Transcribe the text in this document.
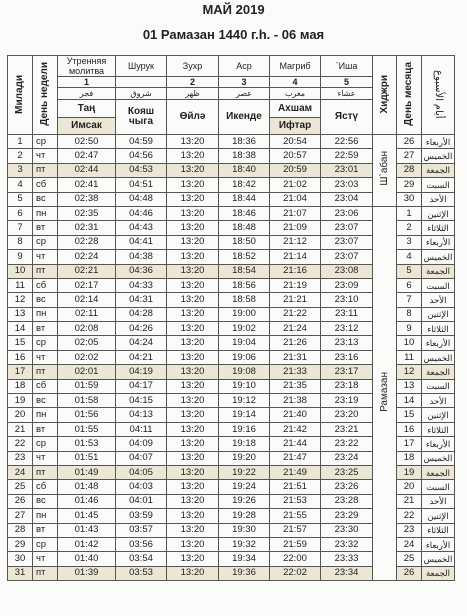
МАЙ 2019
01 Рамазан 1440 г.h. - 06 мая
Милади	День недели	Утренняя молитва	Шурук	Зухр	Аср	Магриб	`Иша	Хиджри	День месяца	أيام الأسبوع
		1		2	3	4	5			
		فجر	شروق	ظهر	عصر	مغرب	عشاء			
		Таң	Кояш чыга	Өйлә	Икенде	Ахшам	Ястү			
		Имсак				Ифтар				
1	ср	02:50	04:59	13:20	18:36	20:54	22:56	Ш`абан	26	الأربعاء
2	чт	02:47	04:56	13:20	18:38	20:57	22:59		27	الخميس
3	пт	02:44	04:53	13:20	18:40	20:59	23:01		28	الجمعة
4	сб	02:41	04:51	13:20	18:42	21:02	23:03		29	السبت
5	вс	02:38	04:48	13:20	18:44	21:04	23:04		30	الأحد
6	пн	02:35	04:46	13:20	18:46	21:07	23:06	Рамазан	1	الإثنين
7	вт	02:31	04:43	13:20	18:48	21:09	23:07		2	الثلاثاء
8	ср	02:28	04:41	13:20	18:50	21:12	23:07		3	الأربعاء
9	чт	02:24	04:38	13:20	18:52	21:14	23:07		4	الخميس
10	пт	02:21	04:36	13:20	18:54	21:16	23:08		5	الجمعة
11	сб	02:17	04:33	13:20	18:56	21:19	23:09		6	السبت
12	вс	02:14	04:31	13:20	18:58	21:21	23:10		7	الأحد
13	пн	02:11	04:28	13:20	19:00	21:22	23:11		8	الإثنين
14	вт	02:08	04:26	13:20	19:02	21:24	23:12		9	الثلاثاء
15	ср	02:05	04:24	13:20	19:04	21:26	23:13		10	الأربعاء
16	чт	02:02	04:21	13:20	19:06	21:31	23:16		11	الخميس
17	пт	02:01	04:19	13:20	19:08	21:33	23:17		12	الجمعة
18	сб	01:59	04:17	13:20	19:10	21:35	23:18		13	السبت
19	вс	01:58	04:15	13:20	19:12	21:38	23:19		14	الأحد
20	пн	01:56	04:13	13:20	19:14	21:40	23:20		15	الإثنين
21	вт	01:55	04:11	13:20	19:16	21:42	23:21		16	الثلاثاء
22	ср	01:53	04:09	13:20	19:18	21:44	23:22		17	الأربعاء
23	чт	01:51	04:07	13:20	19:20	21:47	23:24		18	الخميس
24	пт	01:49	04:05	13:20	19:22	21:49	23:25		19	الجمعة
25	сб	01:48	04:03	13:20	19:24	21:51	23:26		20	السبت
26	вс	01:46	04:01	13:20	19:26	21:53	23:28		21	الأحد
27	пн	01:45	03:59	13:20	19:28	21:55	23:29		22	الإثنين
28	вт	01:43	03:57	13:20	19:30	21:57	23:30		23	الثلاثاء
29	ср	01:42	03:56	13:20	19:32	21:59	23:32		24	الأربعاء
30	чт	01:40	03:54	13:20	19:34	22:00	23:33		25	الخميس
31	пт	01:39	03:53	13:20	19:36	22:02	23:34		26	الجمعة
